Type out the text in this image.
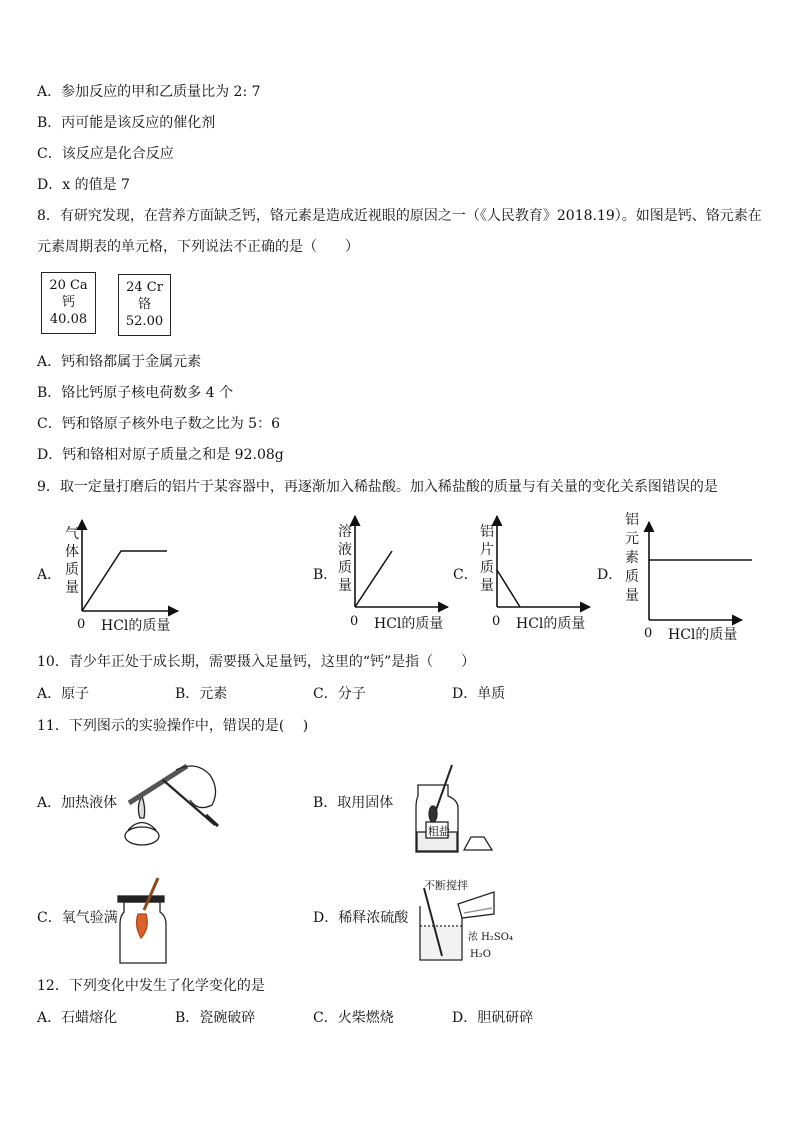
A．参加反应的甲和乙质量比为 2: 7
B．丙可能是该反应的催化剂
C．该反应是化合反应
D．x 的值是 7
8．有研究发现，在营养方面缺乏钙，铬元素是造成近视眼的原因之一（《人民教育》2018.19）。如图是钙、铬元素在
元素周期表的单元格，下列说法不正确的是（　　）
20 Ca
钙
40.08
24 Cr
铬
52.00
A．钙和铬都属于金属元素
B．铬比钙原子核电荷数多 4 个
C．钙和铬原子核外电子数之比为 5：6
D．钙和铬相对原子质量之和是 92.08g
9．取一定量打磨后的铝片于某容器中，再逐渐加入稀盐酸。加入稀盐酸的质量与有关量的变化关系图错误的是
A．
气
体
质
量
0 HCl的质量
溶
液
质
量
0 HCl的质量
铝
片
质
量
0 HCl的质量
铝
元
素
质
量
0 HCl的质量
粗盐
不断搅拌
浓 H₂SO₄
H₂O
B．	C．	D．
10．青少年正处于成长期，需要摄入足量钙，这里的“钙”是指（　　）
A．原子	B．元素	C．分子	D．单质
11．下列图示的实验操作中，错误的是(　 )
A．加热液体	B．取用固体
C．氧气验满	D．稀释浓硫酸
12．下列变化中发生了化学变化的是
A．石蜡熔化	B．瓷碗破碎	C．火柴燃烧	D．胆矾研碎
